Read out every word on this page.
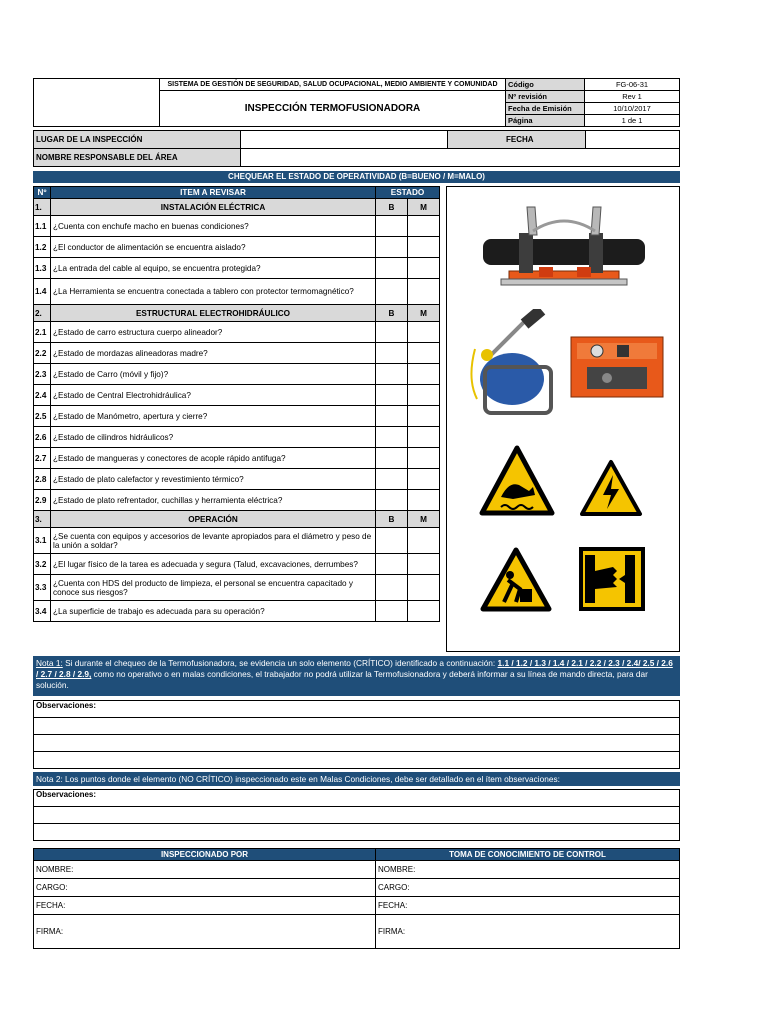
	SISTEMA DE GESTIÓN DE SEGURIDAD, SALUD OCUPACIONAL, MEDIO AMBIENTE Y COMUNIDAD	Código	FG-06-31
	INSPECCIÓN TERMOFUSIONADORA	Nº revisión	Rev 1
		Fecha de Emisión	10/10/2017
		Página	1 de 1
LUGAR DE LA INSPECCIÓN		FECHA	
NOMBRE RESPONSABLE DEL ÁREA			
CHEQUEAR EL ESTADO DE OPERATIVIDAD (B=BUENO / M=MALO)
Nº	ITEM A REVISAR	ESTADO	
1.	INSTALACIÓN ELÉCTRICA	B	M
1.1	¿Cuenta con enchufe macho en buenas condiciones?		
1.2	¿El conductor de alimentación se encuentra aislado?		
1.3	¿La entrada del cable al equipo, se encuentra protegida?		
1.4	¿La Herramienta se encuentra conectada a tablero con protector termomagnético?		
2.	ESTRUCTURAL ELECTROHIDRÁULICO	B	M
2.1	¿Estado de carro estructura cuerpo alineador?		
2.2	¿Estado de mordazas alineadoras madre?		
2.3	¿Estado de Carro (móvil y fijo)?		
2.4	¿Estado de Central Electrohidráulica?		
2.5	¿Estado de Manómetro, apertura y cierre?		
2.6	¿Estado de cilindros hidráulicos?		
2.7	¿Estado de mangueras y conectores de acople rápido antifuga?		
2.8	¿Estado de plato calefactor y revestimiento térmico?		
2.9	¿Estado de plato refrentador, cuchillas y herramienta eléctrica?		
3.	OPERACIÓN	B	M
3.1	¿Se cuenta con equipos y accesorios de levante apropiados para el diámetro y peso de la unión a soldar?		
3.2	¿El lugar físico de la tarea es adecuada y segura (Talud, excavaciones, derrumbes?		
3.3	¿Cuenta con HDS del producto de limpieza, el personal se encuentra capacitado y conoce sus riesgos?		
3.4	¿La superficie de trabajo es adecuada para su operación?		
Nota 1: Si durante el chequeo de la Termofusionadora, se evidencia un solo elemento (CRÍTICO) identificado a continuación: 1.1 / 1.2 / 1.3 / 1.4 / 2.1 / 2.2 / 2.3 / 2.4/ 2.5 / 2.6 / 2.7 / 2.8 / 2.9, como no operativo o en malas condiciones, el trabajador no podrá utilizar la Termofusionadora y deberá informar a su línea de mando directa, para dar solución.
Observaciones:

Nota 2: Los puntos donde el elemento (NO CRÍTICO) inspeccionado este en Malas Condiciones, debe ser detallado en el ítem observaciones:
Observaciones:

INSPECCIONADO POR	TOMA DE CONOCIMIENTO DE CONTROL
NOMBRE:	NOMBRE:
CARGO:	CARGO:
FECHA:	FECHA:
FIRMA:	FIRMA:
